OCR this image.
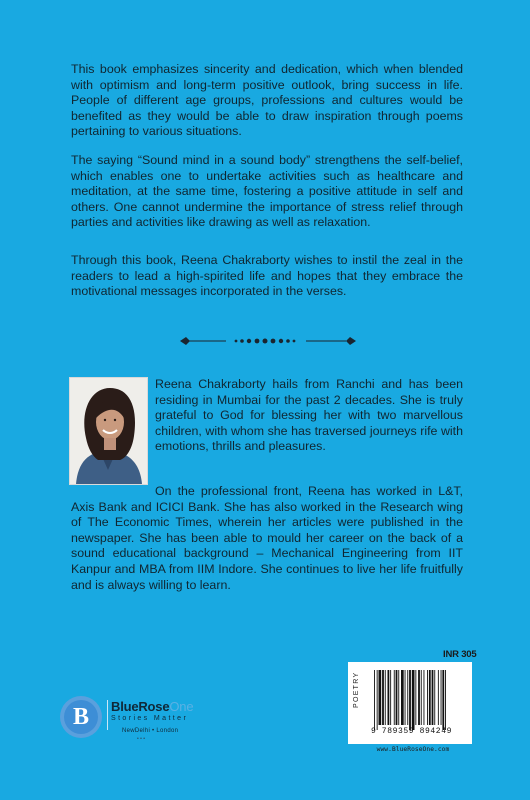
This book emphasizes sincerity and dedication, which when blended with optimism and long-term positive outlook, bring success in life. People of different age groups, professions and cultures would be benefited as they would be able to draw inspiration through poems pertaining to various situations.

The saying “Sound mind in a sound body” strengthens the self-belief, which enables one to undertake activities such as healthcare and meditation, at the same time, fostering a positive attitude in self and others. One cannot undermine the importance of stress relief through parties and activities like drawing as well as relaxation.

Through this book, Reena Chakraborty wishes to instil the zeal in the readers to lead a high-spirited life and hopes that they embrace the motivational messages incorporated in the verses.

Reena Chakraborty hails from Ranchi and has been residing in Mumbai for the past 2 decades. She is truly grateful to God for blessing her with two marvellous children, with whom she has traversed journeys rife with emotions, thrills and pleasures.

On the professional front, Reena has worked in L&T, Axis Bank and ICICI Bank. She has also worked in the Research wing of The Economic Times, wherein her articles were published in the newspaper. She has been able to mould her career on the back of a sound educational background – Mechanical Engineering from IIT Kanpur and MBA from IIM Indore. She continues to live her life fruitfully and is always willing to learn.

B	BlueRoseOne
Stories Matter
NewDelhi • London
• • •
INR 305
POETRY
9 789359 894249
www.BlueRoseOne.com
